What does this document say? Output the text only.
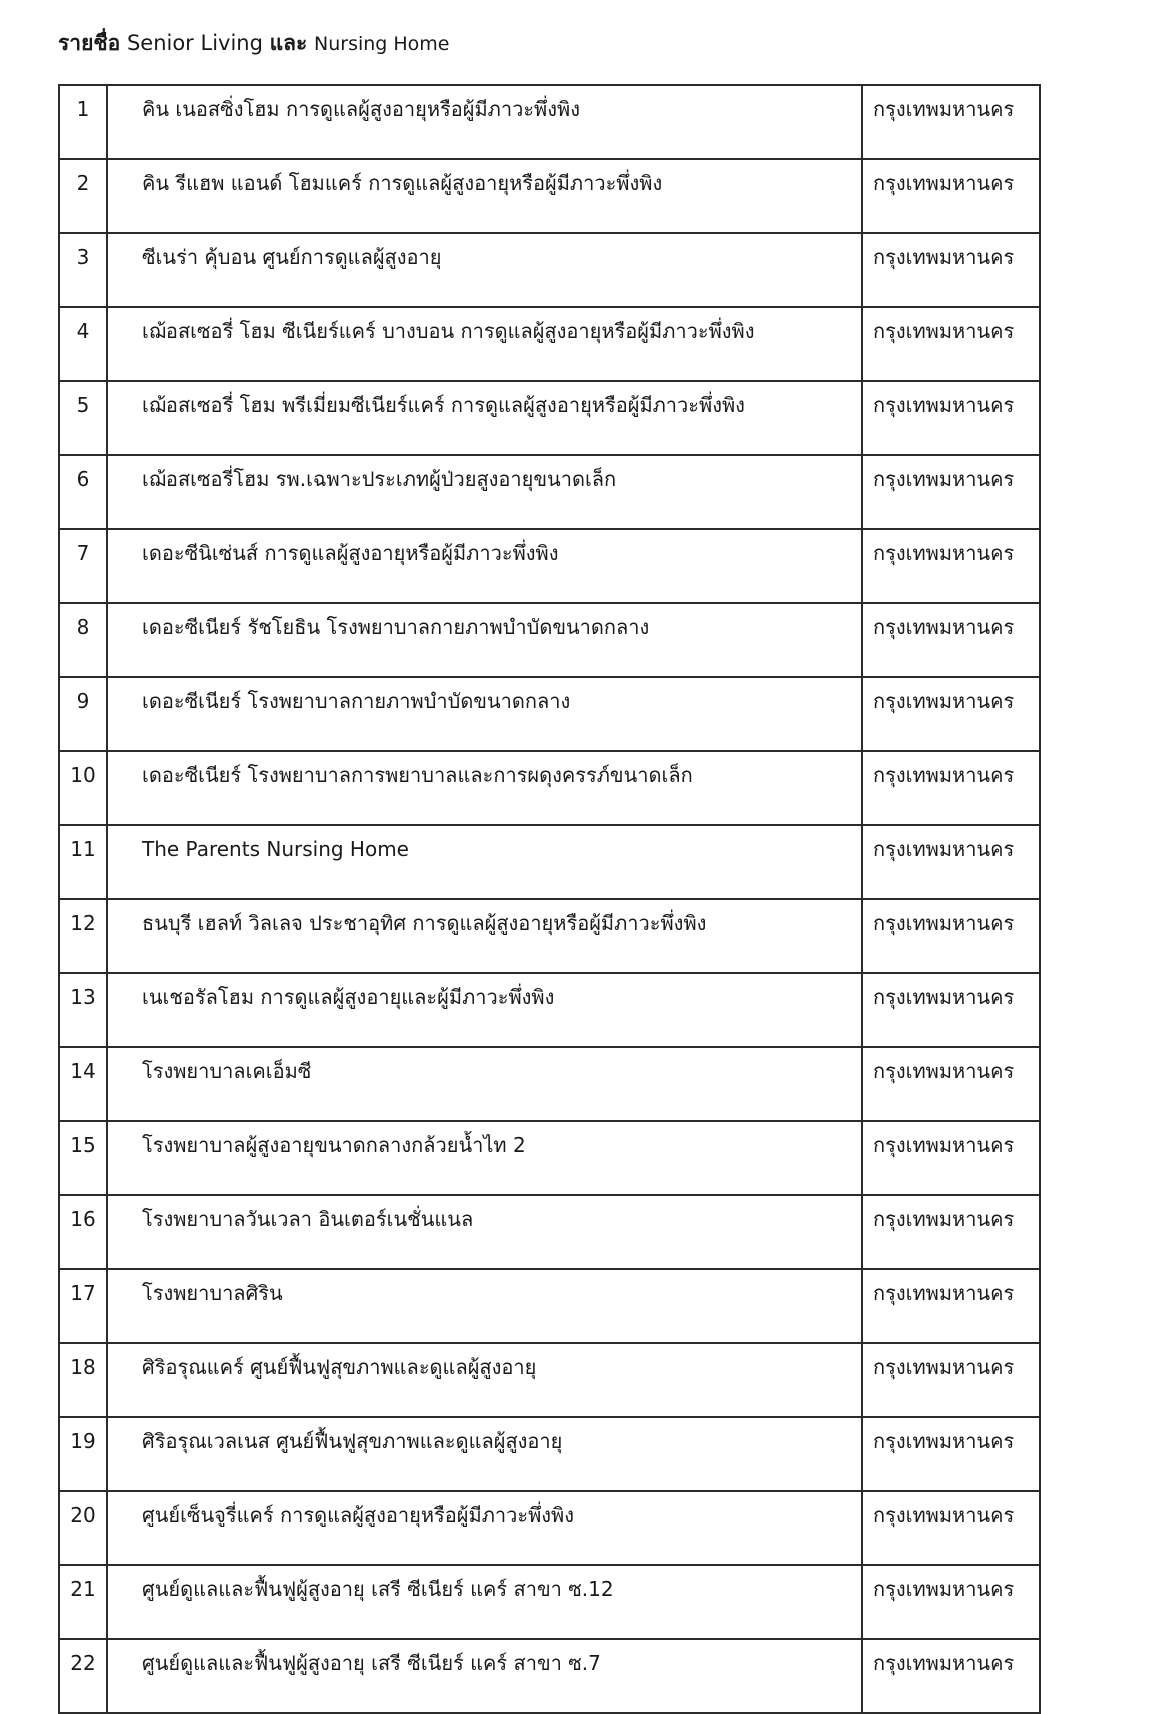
รายชื่อ Senior Living และ Nursing Home
1	คิน เนอสซิ่งโฮม การดูแลผู้สูงอายุหรือผู้มีภาวะพึ่งพิง	กรุงเทพมหานคร
2	คิน รีแฮพ แอนด์ โฮมแคร์ การดูแลผู้สูงอายุหรือผู้มีภาวะพึ่งพิง	กรุงเทพมหานคร
3	ซีเนร่า คุ้บอน ศูนย์การดูแลผู้สูงอายุ	กรุงเทพมหานคร
4	เฌ้อสเซอรี่ โฮม ซีเนียร์แคร์ บางบอน การดูแลผู้สูงอายุหรือผู้มีภาวะพึ่งพิง	กรุงเทพมหานคร
5	เฌ้อสเซอรี่ โฮม พรีเมี่ยมซีเนียร์แคร์ การดูแลผู้สูงอายุหรือผู้มีภาวะพึ่งพิง	กรุงเทพมหานคร
6	เฌ้อสเซอรี่โฮม รพ.เฉพาะประเภทผู้ป่วยสูงอายุขนาดเล็ก	กรุงเทพมหานคร
7	เดอะซีนิเซ่นส์ การดูแลผู้สูงอายุหรือผู้มีภาวะพึ่งพิง	กรุงเทพมหานคร
8	เดอะซีเนียร์ รัชโยธิน โรงพยาบาลกายภาพบำบัดขนาดกลาง	กรุงเทพมหานคร
9	เดอะซีเนียร์ โรงพยาบาลกายภาพบำบัดขนาดกลาง	กรุงเทพมหานคร
10	เดอะซีเนียร์ โรงพยาบาลการพยาบาลและการผดุงครรภ์ขนาดเล็ก	กรุงเทพมหานคร
11	The Parents Nursing Home	กรุงเทพมหานคร
12	ธนบุรี เฮลท์ วิลเลจ ประชาอุทิศ การดูแลผู้สูงอายุหรือผู้มีภาวะพึ่งพิง	กรุงเทพมหานคร
13	เนเชอรัลโฮม การดูแลผู้สูงอายุและผู้มีภาวะพึ่งพิง	กรุงเทพมหานคร
14	โรงพยาบาลเคเอ็มซี	กรุงเทพมหานคร
15	โรงพยาบาลผู้สูงอายุขนาดกลางกล้วยน้ำไท 2	กรุงเทพมหานคร
16	โรงพยาบาลวันเวลา อินเตอร์เนชั่นแนล	กรุงเทพมหานคร
17	โรงพยาบาลศิริน	กรุงเทพมหานคร
18	ศิริอรุณแคร์ ศูนย์ฟื้นฟูสุขภาพและดูแลผู้สูงอายุ	กรุงเทพมหานคร
19	ศิริอรุณเวลเนส ศูนย์ฟื้นฟูสุขภาพและดูแลผู้สูงอายุ	กรุงเทพมหานคร
20	ศูนย์เซ็นจูรี่แคร์ การดูแลผู้สูงอายุหรือผู้มีภาวะพึ่งพิง	กรุงเทพมหานคร
21	ศูนย์ดูแลและฟื้นฟูผู้สูงอายุ เสรี ซีเนียร์ แคร์ สาขา ซ.12	กรุงเทพมหานคร
22	ศูนย์ดูแลและฟื้นฟูผู้สูงอายุ เสรี ซีเนียร์ แคร์ สาขา ซ.7	กรุงเทพมหานคร
